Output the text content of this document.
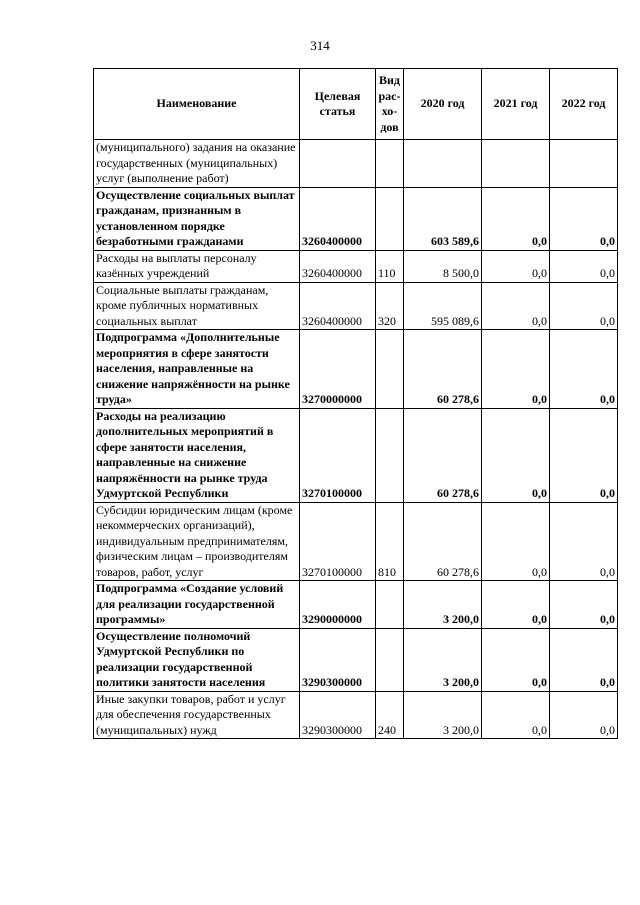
314
Наименование	Целевая статья	Вид рас-хо-дов	2020 год	2021 год	2022 год
(муниципального) задания на оказание государственных (муниципальных) услуг (выполнение работ)					
Осуществление социальных выплат гражданам, признанным в установленном порядке безработными гражданами	3260400000		603 589,6	0,0	0,0
Расходы на выплаты персоналу казённых учреждений	3260400000	110	8 500,0	0,0	0,0
Социальные выплаты гражданам, кроме публичных нормативных социальных выплат	3260400000	320	595 089,6	0,0	0,0
Подпрограмма «Дополнительные мероприятия в сфере занятости населения, направленные на снижение напряжённости на рынке труда»	3270000000		60 278,6	0,0	0,0
Расходы на реализацию дополнительных мероприятий в сфере занятости населения, направленные на снижение напряжённости на рынке труда Удмуртской Республики	3270100000		60 278,6	0,0	0,0
Субсидии юридическим лицам (кроме некоммерческих организаций), индивидуальным предпринимателям, физическим лицам – производителям товаров, работ, услуг	3270100000	810	60 278,6	0,0	0,0
Подпрограмма «Создание условий для реализации государственной программы»	3290000000		3 200,0	0,0	0,0
Осуществление полномочий Удмуртской Республики по реализации государственной политики занятости населения	3290300000		3 200,0	0,0	0,0
Иные закупки товаров, работ и услуг для обеспечения государственных (муниципальных) нужд	3290300000	240	3 200,0	0,0	0,0
